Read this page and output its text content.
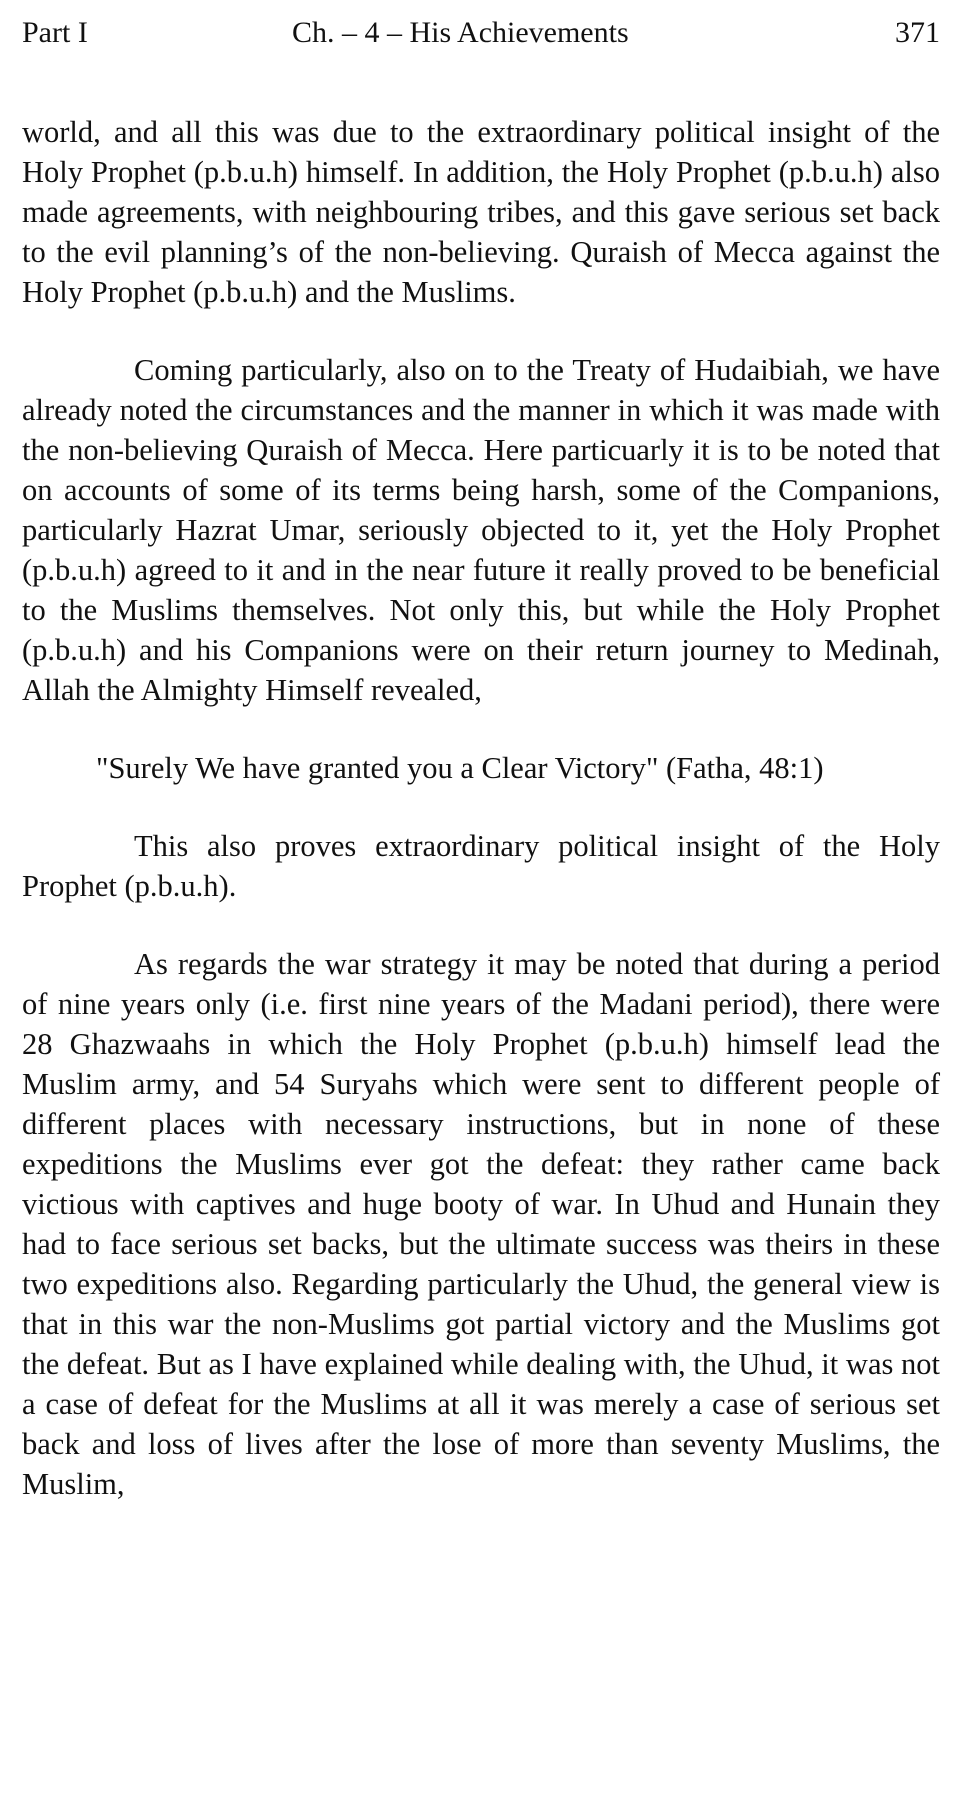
Part I	Ch. – 4 – His Achievements	371

world, and all this was due to the extraordinary political insight of the Holy Prophet (p.b.u.h) himself. In addition, the Holy Prophet (p.b.u.h) also made agreements, with neighbouring tribes, and this gave serious set back to the evil planning’s of the non-believing. Quraish of Mecca against the Holy Prophet (p.b.u.h) and the Muslims.

Coming particularly, also on to the Treaty of Hudaibiah, we have already noted the circumstances and the manner in which it was made with the non-believing Quraish of Mecca. Here particuarly it is to be noted that on accounts of some of its terms being harsh, some of the Companions, particularly Hazrat Umar, seriously objected to it, yet the Holy Prophet (p.b.u.h) agreed to it and in the near future it really proved to be beneficial to the Muslims themselves. Not only this, but while the Holy Prophet (p.b.u.h) and his Companions were on their return journey to Medinah, Allah the Almighty Himself revealed,

"Surely We have granted you a Clear Victory" (Fatha, 48:1)

This also proves extraordinary political insight of the Holy Prophet (p.b.u.h).

As regards the war strategy it may be noted that during a period of nine years only (i.e. first nine years of the Madani period), there were 28 Ghazwaahs in which the Holy Prophet (p.b.u.h) himself lead the Muslim army, and 54 Suryahs which were sent to different people of different places with necessary instructions, but in none of these expeditions the Muslims ever got the defeat: they rather came back victious with captives and huge booty of war. In Uhud and Hunain they had to face serious set backs, but the ultimate success was theirs in these two expeditions also. Regarding particularly the Uhud, the general view is that in this war the non-Muslims got partial victory and the Muslims got the defeat. But as I have explained while dealing with, the Uhud, it was not a case of defeat for the Muslims at all it was merely a case of serious set back and loss of lives after the lose of more than seventy Muslims, the Muslim,
